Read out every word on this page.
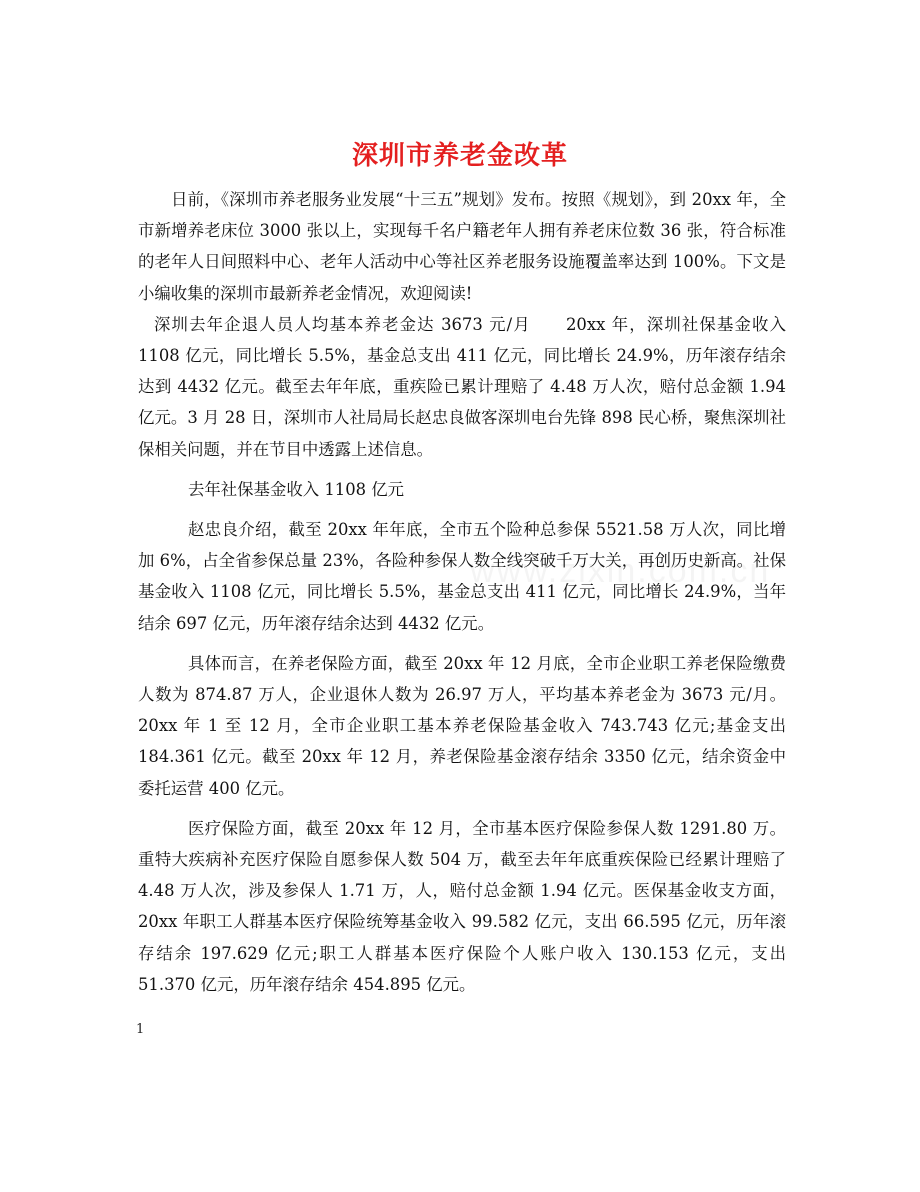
深圳市养老金改革

日前，《深圳市养老服务业发展“十三五”规划》发布。按照《规划》，到 20xx 年，全市新增养老床位 3000 张以上，实现每千名户籍老年人拥有养老床位数 36 张，符合标准的老年人日间照料中心、老年人活动中心等社区养老服务设施覆盖率达到 100%。下文是小编收集的深圳市最新养老金情况，欢迎阅读!

深圳去年企退人员人均基本养老金达 3673 元/月　　20xx 年，深圳社保基金收入 1108 亿元，同比增长 5.5%，基金总支出 411 亿元，同比增长 24.9%，历年滚存结余达到 4432 亿元。截至去年年底，重疾险已累计理赔了 4.48 万人次，赔付总金额 1.94 亿元。3 月 28 日，深圳市人社局局长赵忠良做客深圳电台先锋 898 民心桥，聚焦深圳社保相关问题，并在节目中透露上述信息。

去年社保基金收入 1108 亿元

赵忠良介绍，截至 20xx 年年底，全市五个险种总参保 5521.58 万人次，同比增加 6%，占全省参保总量 23%，各险种参保人数全线突破千万大关，再创历史新高。社保基金收入 1108 亿元，同比增长 5.5%，基金总支出 411 亿元，同比增长 24.9%，当年结余 697 亿元，历年滚存结余达到 4432 亿元。

具体而言，在养老保险方面，截至 20xx 年 12 月底，全市企业职工养老保险缴费人数为 874.87 万人，企业退休人数为 26.97 万人，平均基本养老金为 3673 元/月。20xx 年 1 至 12 月，全市企业职工基本养老保险基金收入 743.743 亿元;基金支出 184.361 亿元。截至 20xx 年 12 月，养老保险基金滚存结余 3350 亿元，结余资金中委托运营 400 亿元。

医疗保险方面，截至 20xx 年 12 月，全市基本医疗保险参保人数 1291.80 万。重特大疾病补充医疗保险自愿参保人数 504 万，截至去年年底重疾保险已经累计理赔了 4.48 万人次，涉及参保人 1.71 万，人，赔付总金额 1.94 亿元。医保基金收支方面，20xx 年职工人群基本医疗保险统筹基金收入 99.582 亿元，支出 66.595 亿元，历年滚存结余 197.629 亿元;职工人群基本医疗保险个人账户收入 130.153 亿元，支出 51.370 亿元，历年滚存结余 454.895 亿元。

1
